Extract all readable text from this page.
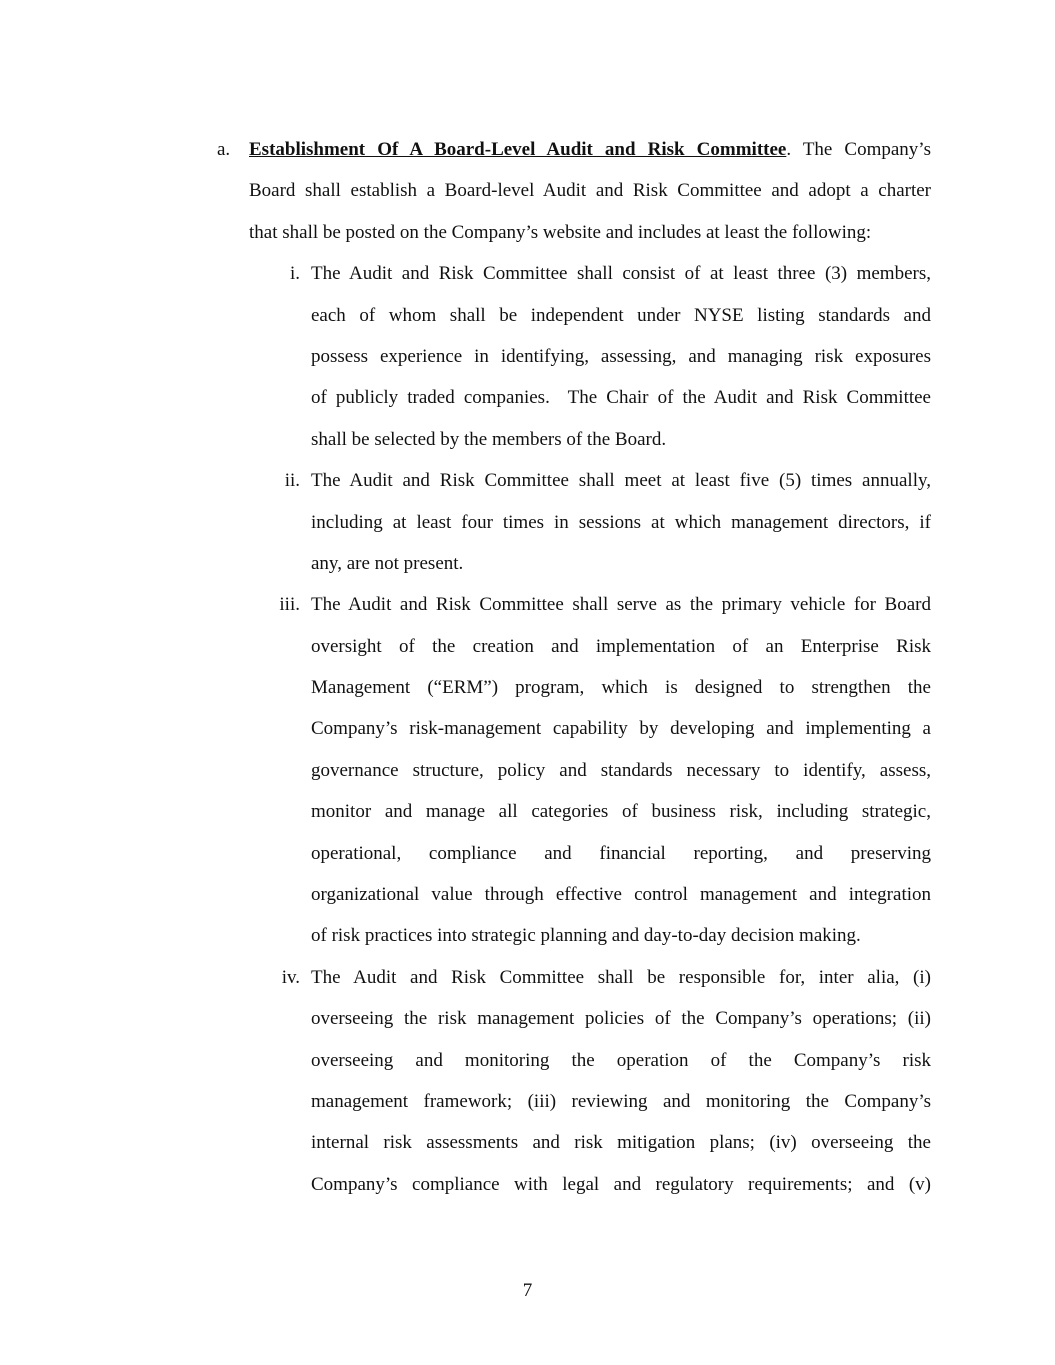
a. Establishment Of A Board-Level Audit and Risk Committee. The Company’s
Board shall establish a Board-level Audit and Risk Committee and adopt a charter
that shall be posted on the Company’s website and includes at least the following:
i. The Audit and Risk Committee shall consist of at least three (3) members,
each of whom shall be independent under NYSE listing standards and
possess experience in identifying, assessing, and managing risk exposures
of publicly traded companies.  The Chair of the Audit and Risk Committee
shall be selected by the members of the Board.
ii. The Audit and Risk Committee shall meet at least five (5) times annually,
including at least four times in sessions at which management directors, if
any, are not present.
iii. The Audit and Risk Committee shall serve as the primary vehicle for Board
oversight of the creation and implementation of an Enterprise Risk
Management (“ERM”) program, which is designed to strengthen the
Company’s risk-management capability by developing and implementing a
governance structure, policy and standards necessary to identify, assess,
monitor and manage all categories of business risk, including strategic,
operational, compliance and financial reporting, and preserving
organizational value through effective control management and integration
of risk practices into strategic planning and day-to-day decision making.
iv. The Audit and Risk Committee shall be responsible for, inter alia, (i)
overseeing the risk management policies of the Company’s operations; (ii)
overseeing and monitoring the operation of the Company’s risk
management framework; (iii) reviewing and monitoring the Company’s
internal risk assessments and risk mitigation plans; (iv) overseeing the
Company’s compliance with legal and regulatory requirements; and (v)
7
